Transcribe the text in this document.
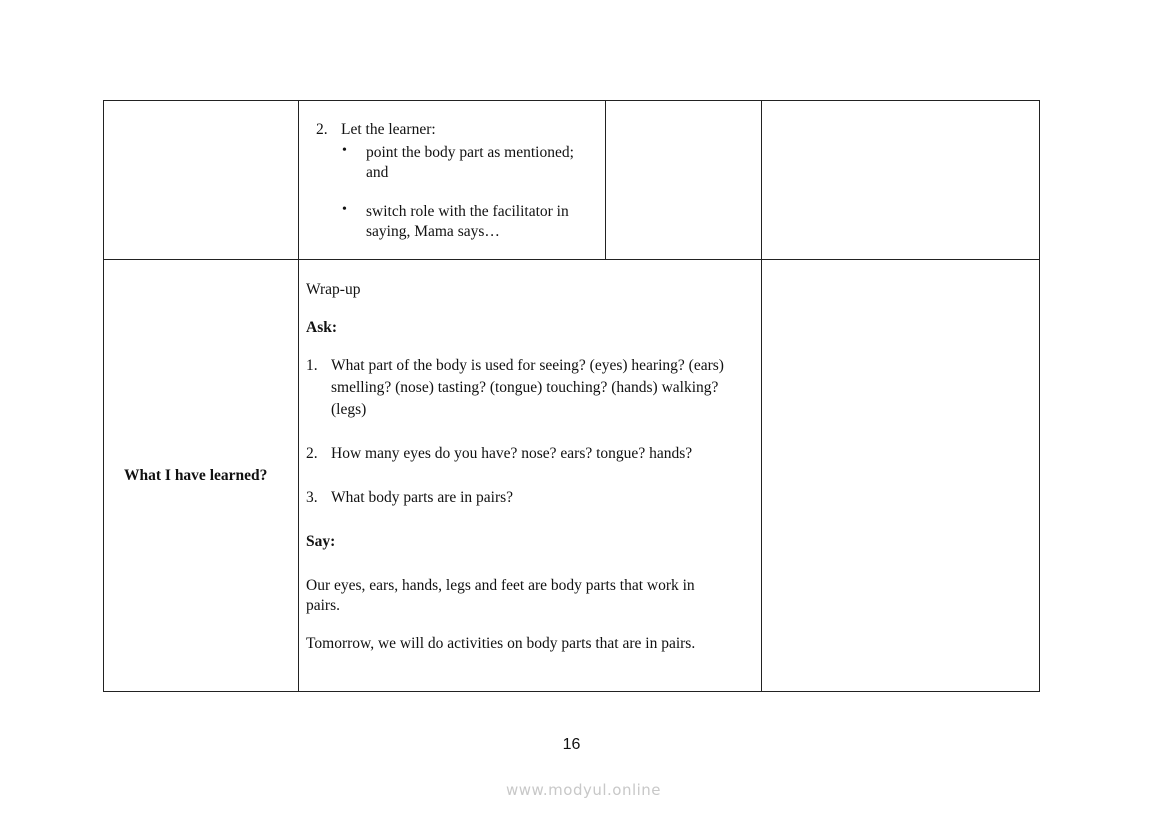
2. Let the learner:
• point the body part as mentioned;
and
• switch role with the facilitator in
saying, Mama says…
What I have learned?
Wrap-up
Ask:
1. What part of the body is used for seeing? (eyes) hearing? (ears)
smelling? (nose) tasting? (tongue) touching? (hands) walking?
(legs)
2. How many eyes do you have? nose? ears? tongue? hands?
3. What body parts are in pairs?
Say:
Our eyes, ears, hands, legs and feet are body parts that work in
pairs.
Tomorrow, we will do activities on body parts that are in pairs.
16
www.modyul.online
